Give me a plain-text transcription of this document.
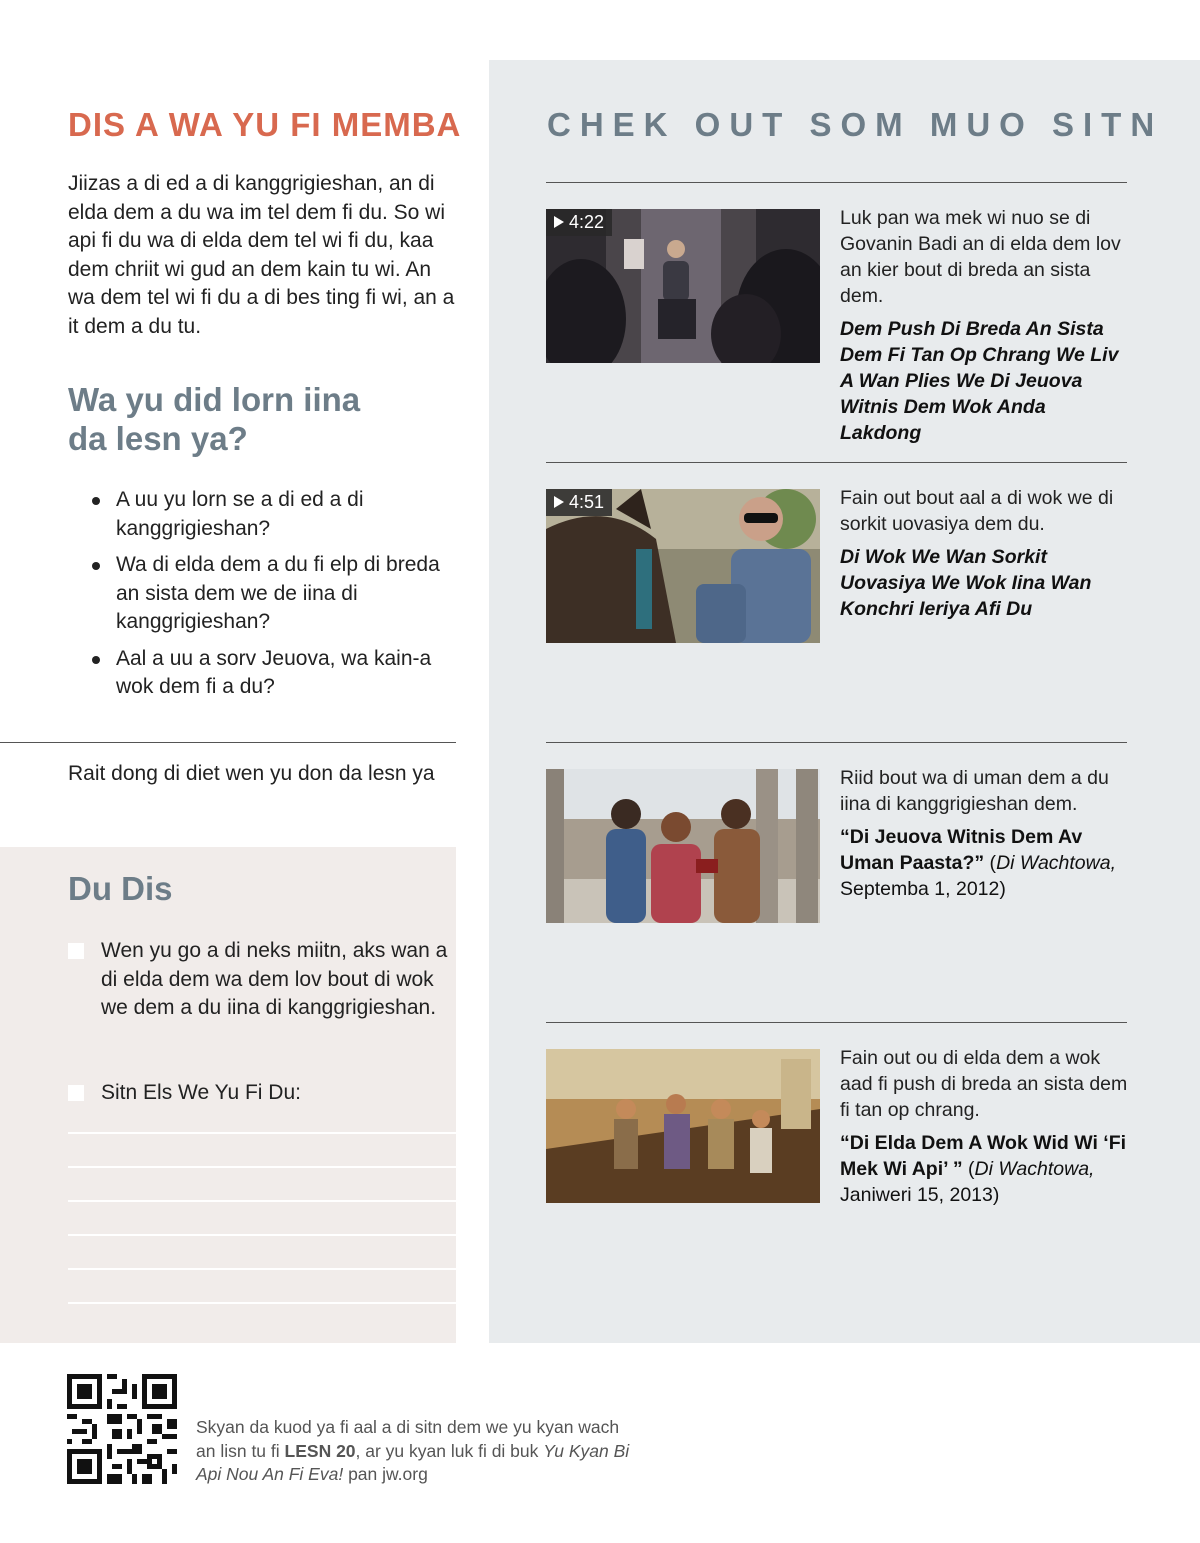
DIS A WA YU FI MEMBA

Jiizas a di ed a di kanggrigieshan, an di elda dem a du wa im tel dem fi du. So wi api fi du wa di elda dem tel wi fi du, kaa dem chriit wi gud an dem kain tu wi. An wa dem tel wi fi du a di bes ting fi wi, an a it dem a du tu.

Wa yu did lorn iina
da lesn ya?
A uu yu lorn se a di ed a di kanggrigieshan?
Wa di elda dem a du fi elp di breda an sista dem we de iina di kanggrigieshan?
Aal a uu a sorv Jeuova, wa kain-a wok dem fi a du?
Rait dong di diet wen yu don da lesn ya
Du Dis

Wen yu go a di neks miitn, aks wan a di elda dem wa dem lov bout di wok we dem a du iina di kanggrigieshan.

Sitn Els We Yu Fi Du:

CHEK OUT SOM MUO SITN
4:22	Luk pan wa mek wi nuo se di Govanin Badi an di elda dem lov an kier bout di breda an sista dem.

Dem Push Di Breda An Sista Dem Fi Tan Op Chrang We Liv A Wan Plies We Di Jeuova Witnis Dem Wok Anda Lakdong

4:51	Fain out bout aal a di wok we di sorkit uovasiya dem du.

Di Wok We Wan Sorkit Uovasiya We Wok Iina Wan Konchri Ieriya Afi Du

Riid bout wa di uman dem a du iina di kanggrigieshan dem.

“Di Jeuova Witnis Dem Av Uman Paasta?” (Di Wachtowa, Septemba 1, 2012)

Fain out ou di elda dem a wok aad fi push di breda an sista dem fi tan op chrang.

“Di Elda Dem A Wok Wid Wi ‘Fi Mek Wi Api’ ” (Di Wachtowa, Janiweri 15, 2013)

Skyan da kuod ya fi aal a di sitn dem we yu kyan wach an lisn tu fi LESN 20, ar yu kyan luk fi di buk Yu Kyan Bi Api Nou An Fi Eva! pan jw.org
